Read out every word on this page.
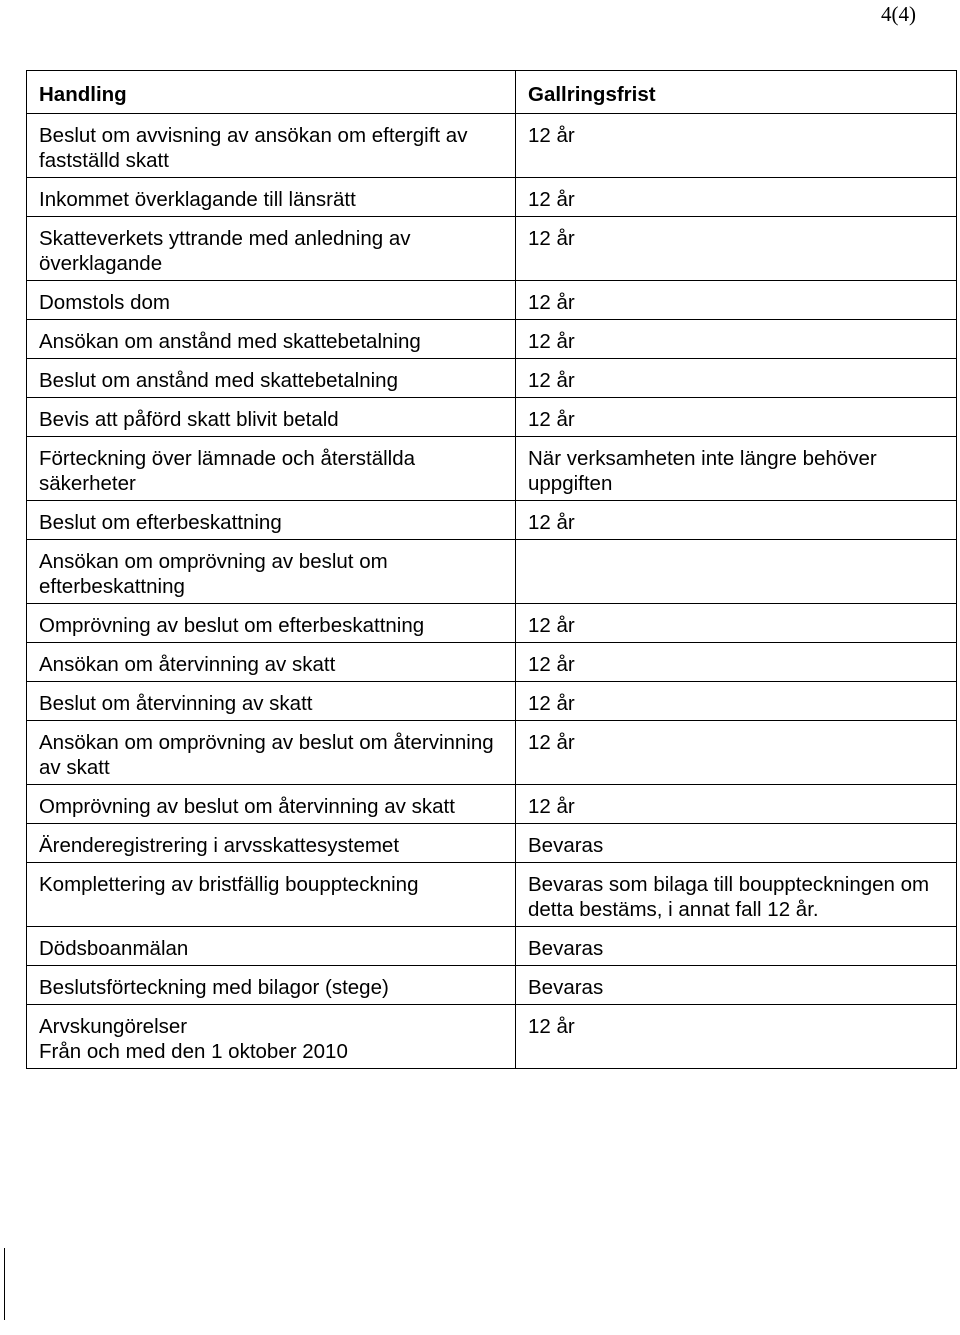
4(4)
Handling	Gallringsfrist

Beslut om avvisning av ansökan om eftergift av fastställd skatt	12 år

Inkommet överklagande till länsrätt	12 år

Skatteverkets yttrande med anledning av överklagande	12 år

Domstols dom	12 år

Ansökan om anstånd med skattebetalning	12 år

Beslut om anstånd med skattebetalning	12 år

Bevis att påförd skatt blivit betald	12 år

Förteckning över lämnade och återställda säkerheter	När verksamheten inte längre behöver uppgiften

Beslut om efterbeskattning	12 år

Ansökan om omprövning av beslut om efterbeskattning	

Omprövning av beslut om efterbeskattning	12 år

Ansökan om återvinning av skatt	12 år

Beslut om återvinning av skatt	12 år

Ansökan om omprövning av beslut om återvinning av skatt	12 år

Omprövning av beslut om återvinning av skatt	12 år

Ärenderegistrering i arvsskattesystemet	Bevaras

Komplettering av bristfällig bouppteckning	Bevaras som bilaga till bouppteckningen om detta bestäms, i annat fall 12 år.

Dödsboanmälan	Bevaras

Beslutsförteckning med bilagor (stege)	Bevaras

Arvskungörelser
Från och med den 1 oktober 2010	12 år
